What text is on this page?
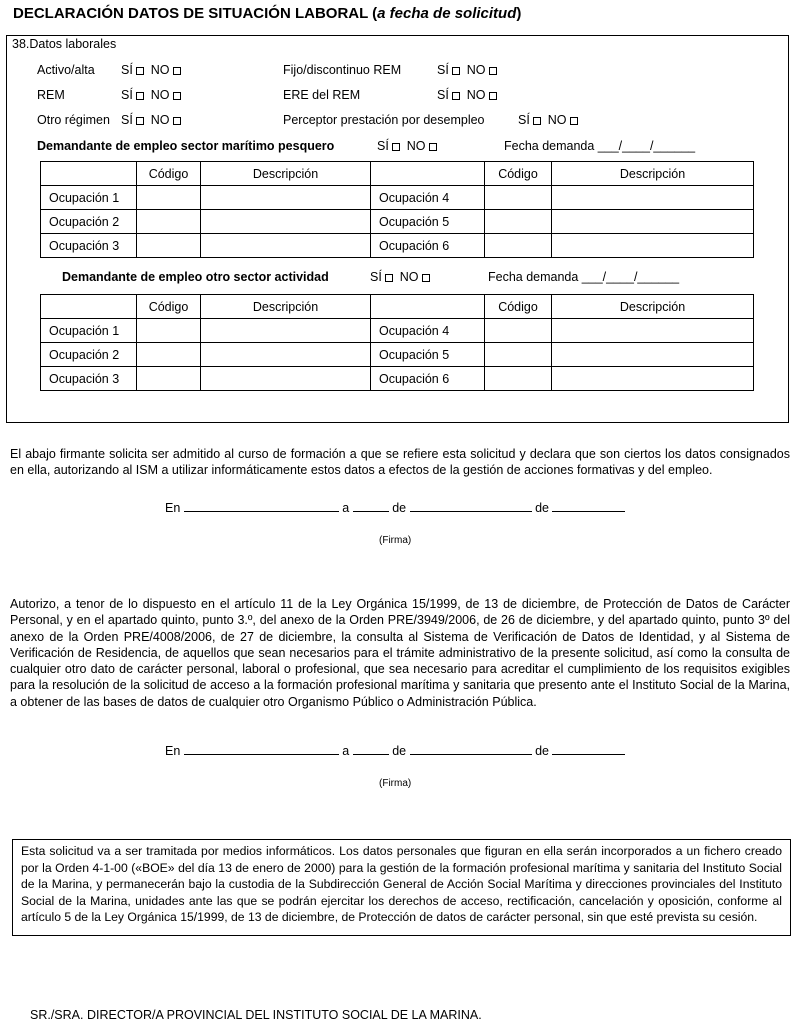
DECLARACIÓN DATOS DE SITUACIÓN LABORAL (a fecha de solicitud)
38.Datos laborales
Activo/alta SÍ NO	Fijo/discontinuo REM	SÍ NO
REM	SÍ NO	ERE del REM	SÍ NO
Otro régimen SÍ NO	Perceptor prestación por desempleo	SÍ NO
Demandante de empleo sector marítimo pesquero	SÍ NO	Fecha demanda ___/____/______
	Código	Descripción		Código	Descripción
Ocupación 1			Ocupación 4		
Ocupación 2			Ocupación 5		
Ocupación 3			Ocupación 6		
Demandante de empleo otro sector actividad	SÍ NO	Fecha demanda ___/____/______
	Código	Descripción		Código	Descripción
Ocupación 1			Ocupación 4		
Ocupación 2			Ocupación 5		
Ocupación 3			Ocupación 6		
El abajo firmante solicita ser admitido al curso de formación a que se refiere esta solicitud y declara que son ciertos los datos consignados en ella, autorizando al ISM a utilizar informáticamente estos datos a efectos de la gestión de acciones formativas y del empleo.
En	a	de	de
(Firma)
Autorizo, a tenor de lo dispuesto en el artículo 11 de la Ley Orgánica 15/1999, de 13 de diciembre, de Protección de Datos de Carácter Personal, y en el apartado quinto, punto 3.º, del anexo de la Orden PRE/3949/2006, de 26 de diciembre, y del apartado quinto, punto 3º del anexo de la Orden PRE/4008/2006, de 27 de diciembre, la consulta al Sistema de Verificación de Datos de Identidad, y al Sistema de Verificación de Residencia, de aquellos que sean necesarios para el trámite administrativo de la presente solicitud, así como la consulta de cualquier otro dato de carácter personal, laboral o profesional, que sea necesario para acreditar el cumplimiento de los requisitos exigibles para la resolución de la solicitud de acceso a la formación profesional marítima y sanitaria que presento ante el Instituto Social de la Marina, a obtener de las bases de datos de cualquier otro Organismo Público o Administración Pública.
En	a	de	de
(Firma)
Esta solicitud va a ser tramitada por medios informáticos. Los datos personales que figuran en ella serán incorporados a un fichero creado por la Orden 4-1-00 («BOE» del día 13 de enero de 2000) para la gestión de la formación profesional marítima y sanitaria del Instituto Social de la Marina, y permanecerán bajo la custodia de la Subdirección General de Acción Social Marítima y direcciones provinciales del Instituto Social de la Marina, unidades ante las que se podrán ejercitar los derechos de acceso, rectificación, cancelación y oposición, conforme al artículo 5 de la Ley Orgánica 15/1999, de 13 de diciembre, de Protección de datos de carácter personal, sin que esté prevista su cesión.
SR./SRA. DIRECTOR/A PROVINCIAL DEL INSTITUTO SOCIAL DE LA MARINA.
